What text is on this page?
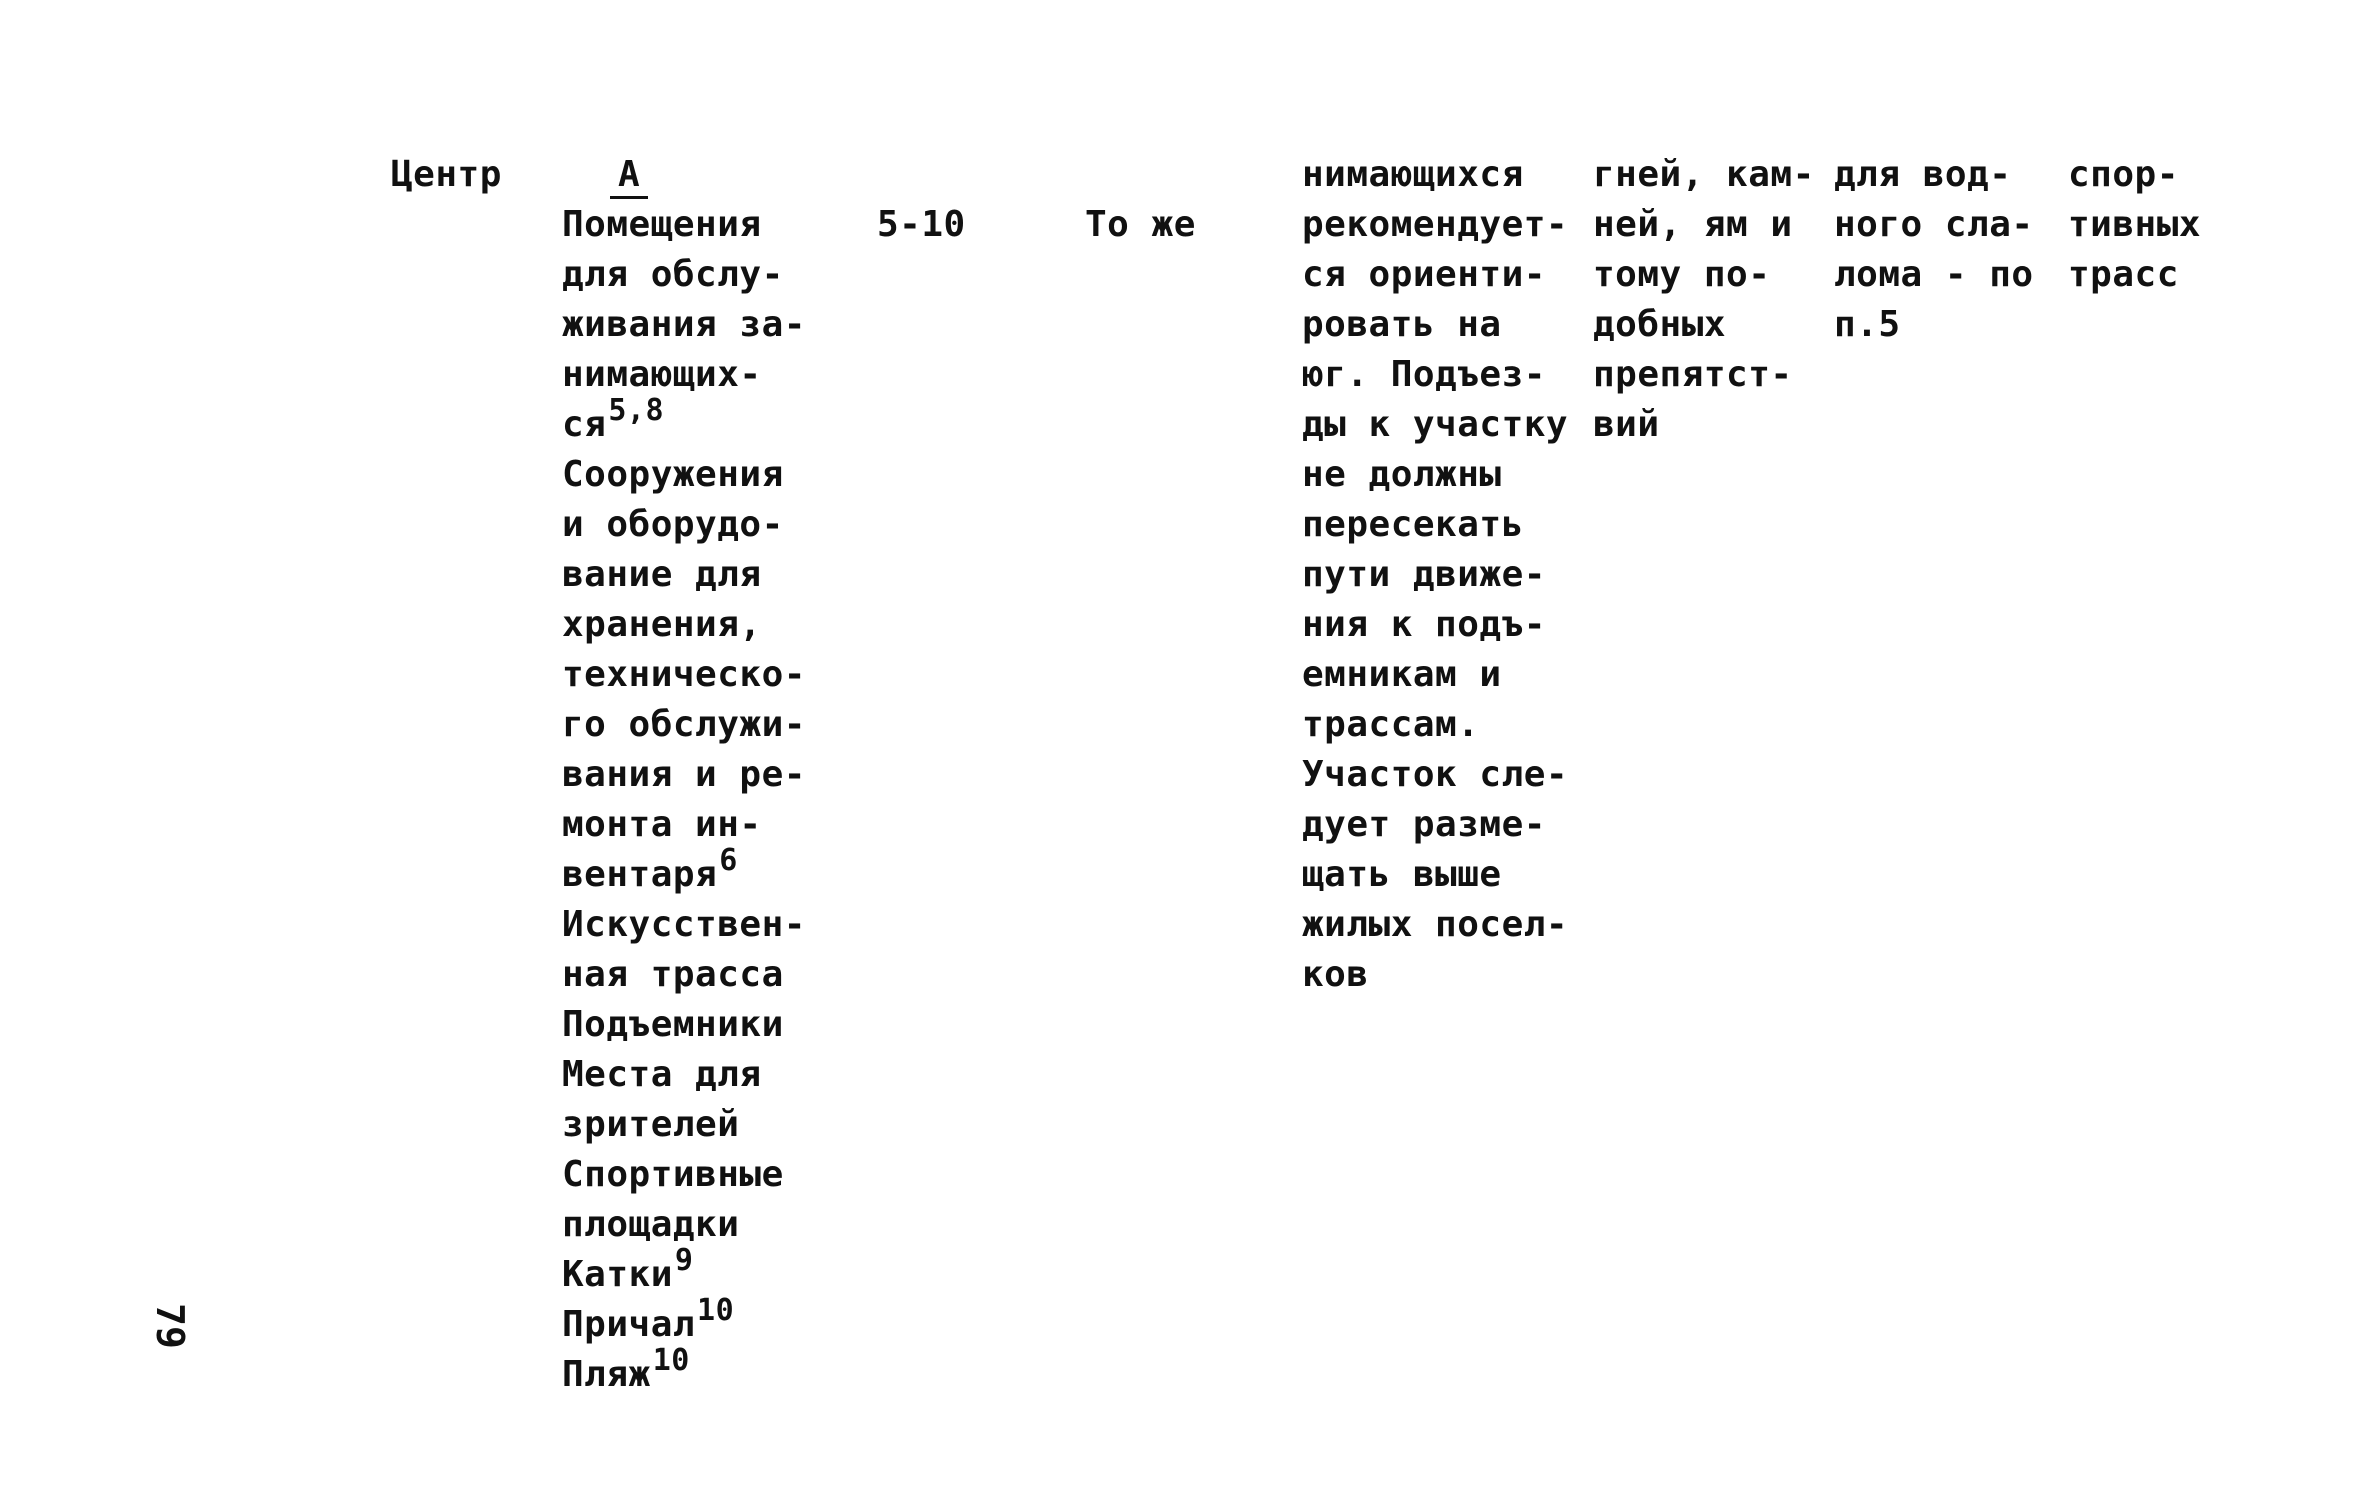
Центр	А
Помещения
для обслу-
живания за-
нимающих-
ся$^{5,8}$
Сооружения
и оборудо-
вание для
хранения,
техническо-
го обслужи-
вания и ре-
монта ин-
вентаря$^6$
Искусствен-
ная трасса
Подъемники
Места для
зрителей
Спортивные
площадки
Катки$^9$
Причал$^{10}$
Пляж$^{10}$
5-10	То же
нимающихся
рекомендует-
ся ориенти-
ровать на
юг. Подъез-
ды к участку
не должны
пересекать
пути движе-
ния к подъ-
емникам и
трассам.
Участок сле-
дует разме-
щать выше
жилых посел-
ков
гней, кам-
ней, ям и
тому по-
добных
препятст-
вий
для вод-
ного сла-
лома - по
п.5
спор-
тивных
трасс
79
